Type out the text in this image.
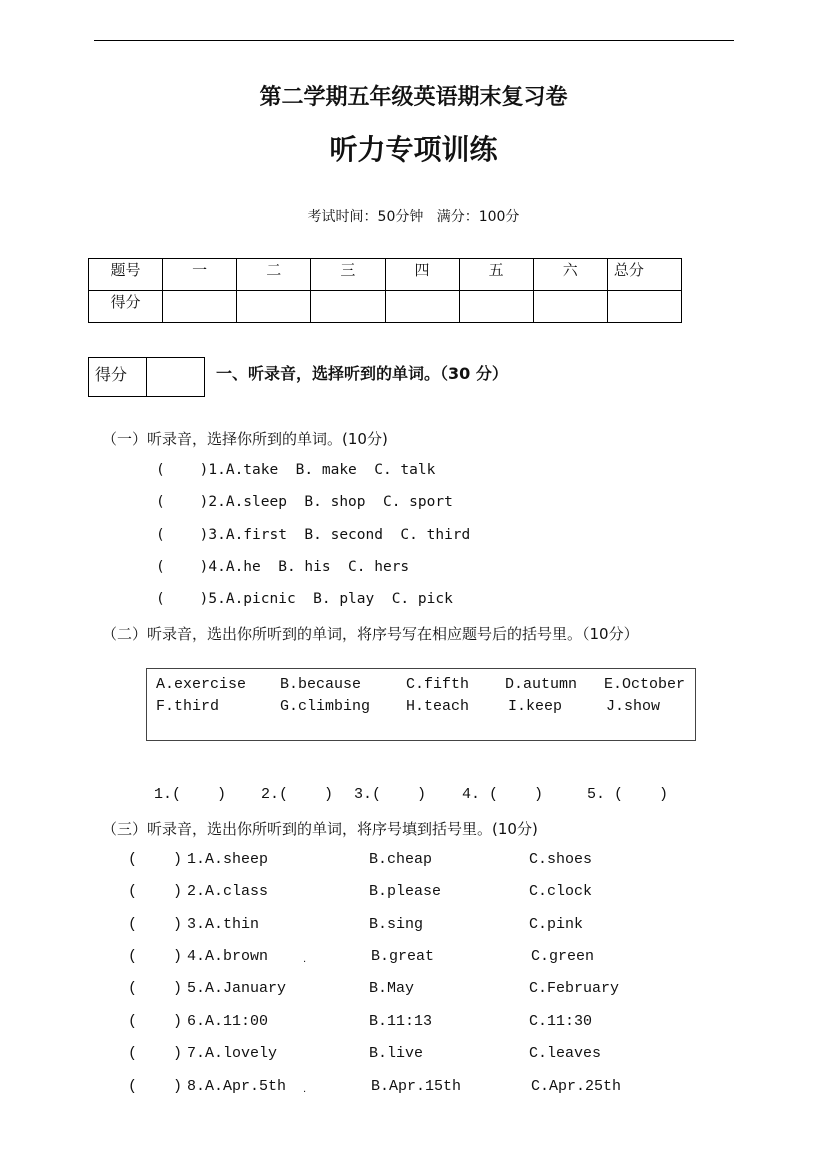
第二学期五年级英语期末复习卷
听力专项训练
考试时间：50分钟   满分：100分
题号	一	二	三	四	五	六	总分
得分							
得分		一、听录音，选择听到的单词。（30 分）
（一）听录音，选择你所到的单词。(10分)
(    )1.A.take  B. make  C. talk
(    )2.A.sleep  B. shop  C. sport
(    )3.A.first  B. second  C. third
(    )4.A.he  B. his  C. hers
(    )5.A.picnic  B. play  C. pick
（二）听录音，选出你所听到的单词，将序号写在相应题号后的括号里。（10分）
A.exercise B.because	C.fifth D.autumn E.October
F.third	G.climbing H.teach	I.keep	J.show
1.(    ) 2.(    ) 3.(    ) 4. (    )	5. (    )
（三）听录音，选出你所听到的单词，将序号填到括号里。(10分)
(    ) 1.A.sheep	B.cheap	C.shoes
(    ) 2.A.class	B.please	C.clock
(    ) 3.A.thin	B.sing	C.pink
(    ) 4.A.brown	.	B.great	C.green
(    ) 5.A.January	B.May	C.February
(    ) 6.A.11:00	B.11:13	C.11:30
(    ) 7.A.lovely	B.live	C.leaves
(    ) 8.A.Apr.5th .	B.Apr.15th	C.Apr.25th
